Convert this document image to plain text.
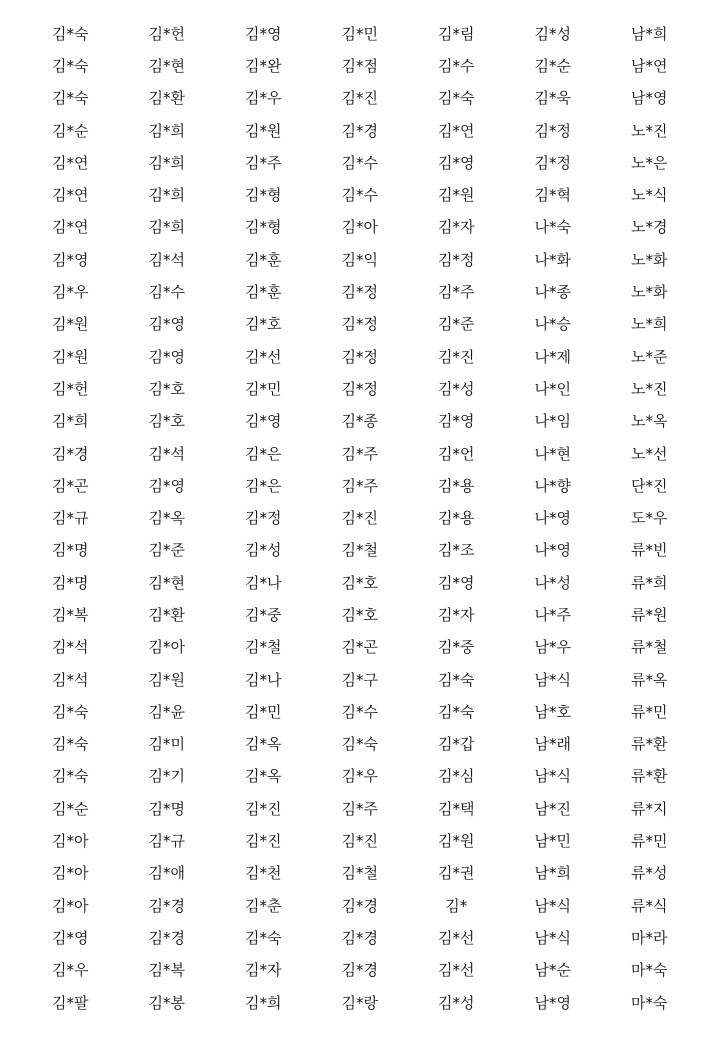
김*숙	김*헌	김*영	김*민	김*림	김*성	남*희
김*숙	김*현	김*완	김*점	김*수	김*순	남*연
김*숙	김*환	김*우	김*진	김*숙	김*욱	남*영
김*순	김*희	김*원	김*경	김*연	김*정	노*진
김*연	김*희	김*주	김*수	김*영	김*정	노*은
김*연	김*희	김*형	김*수	김*원	김*혁	노*식
김*연	김*희	김*형	김*아	김*자	나*숙	노*경
김*영	김*석	김*훈	김*익	김*정	나*화	노*화
김*우	김*수	김*훈	김*정	김*주	나*종	노*화
김*원	김*영	김*호	김*정	김*준	나*승	노*희
김*원	김*영	김*선	김*정	김*진	나*제	노*준
김*헌	김*호	김*민	김*정	김*성	나*인	노*진
김*희	김*호	김*영	김*종	김*영	나*임	노*옥
김*경	김*석	김*은	김*주	김*언	나*현	노*선
김*곤	김*영	김*은	김*주	김*용	나*향	단*진
김*규	김*옥	김*정	김*진	김*용	나*영	도*우
김*명	김*준	김*성	김*철	김*조	나*영	류*빈
김*명	김*현	김*나	김*호	김*영	나*성	류*희
김*복	김*환	김*중	김*호	김*자	나*주	류*원
김*석	김*아	김*철	김*곤	김*중	남*우	류*철
김*석	김*원	김*나	김*구	김*숙	남*식	류*옥
김*숙	김*윤	김*민	김*수	김*숙	남*호	류*민
김*숙	김*미	김*옥	김*숙	김*갑	남*래	류*환
김*숙	김*기	김*옥	김*우	김*심	남*식	류*환
김*순	김*명	김*진	김*주	김*택	남*진	류*지
김*아	김*규	김*진	김*진	김*원	남*민	류*민
김*아	김*애	김*천	김*철	김*권	남*희	류*성
김*아	김*경	김*춘	김*경	김*	남*식	류*식
김*영	김*경	김*숙	김*경	김*선	남*식	마*라
김*우	김*복	김*자	김*경	김*선	남*순	마*숙
김*팔	김*봉	김*희	김*랑	김*성	남*영	마*숙
